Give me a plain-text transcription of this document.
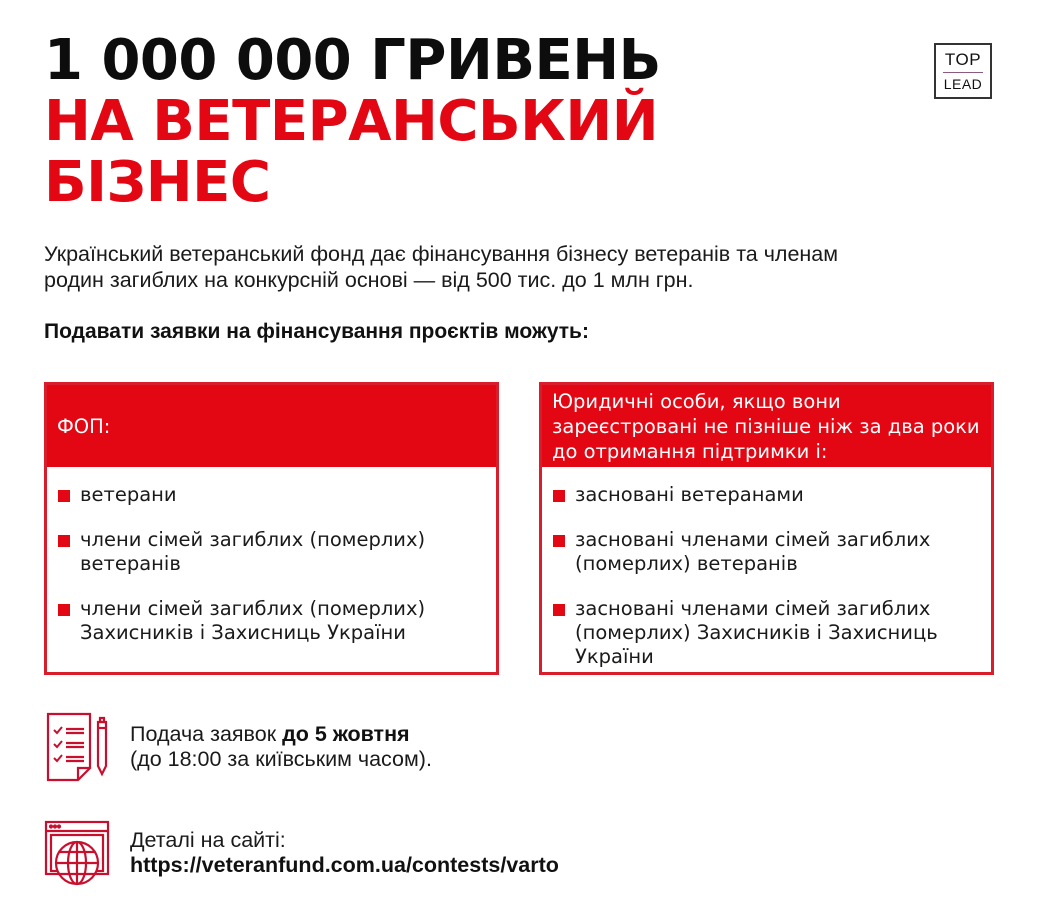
1 000 000 ГРИВЕНЬ
НА ВЕТЕРАНСЬКИЙ
БІЗНЕС
TOP
LEAD

Український ветеранський фонд дає фінансування бізнесу ветеранів та членам
родин загиблих на конкурсній основі — від 500 тис. до 1 млн грн.

Подавати заявки на фінансування проєктів можуть:

ФОП:
ветерани
члени сімей загиблих (померлих) ветеранів
члени сімей загиблих (померлих) Захисників і Захисниць України
Юридичні особи, якщо вони зареєстровані не пізніше ніж за два роки до отримання підтримки і:
засновані ветеранами
засновані членами сімей загиблих (померлих) ветеранів
засновані членами сімей загиблих (померлих) Захисників і Захисниць України
Подача заявок до 5 жовтня
(до 18:00 за київським часом).
Деталі на сайті:
https://veteranfund.com.ua/contests/varto
